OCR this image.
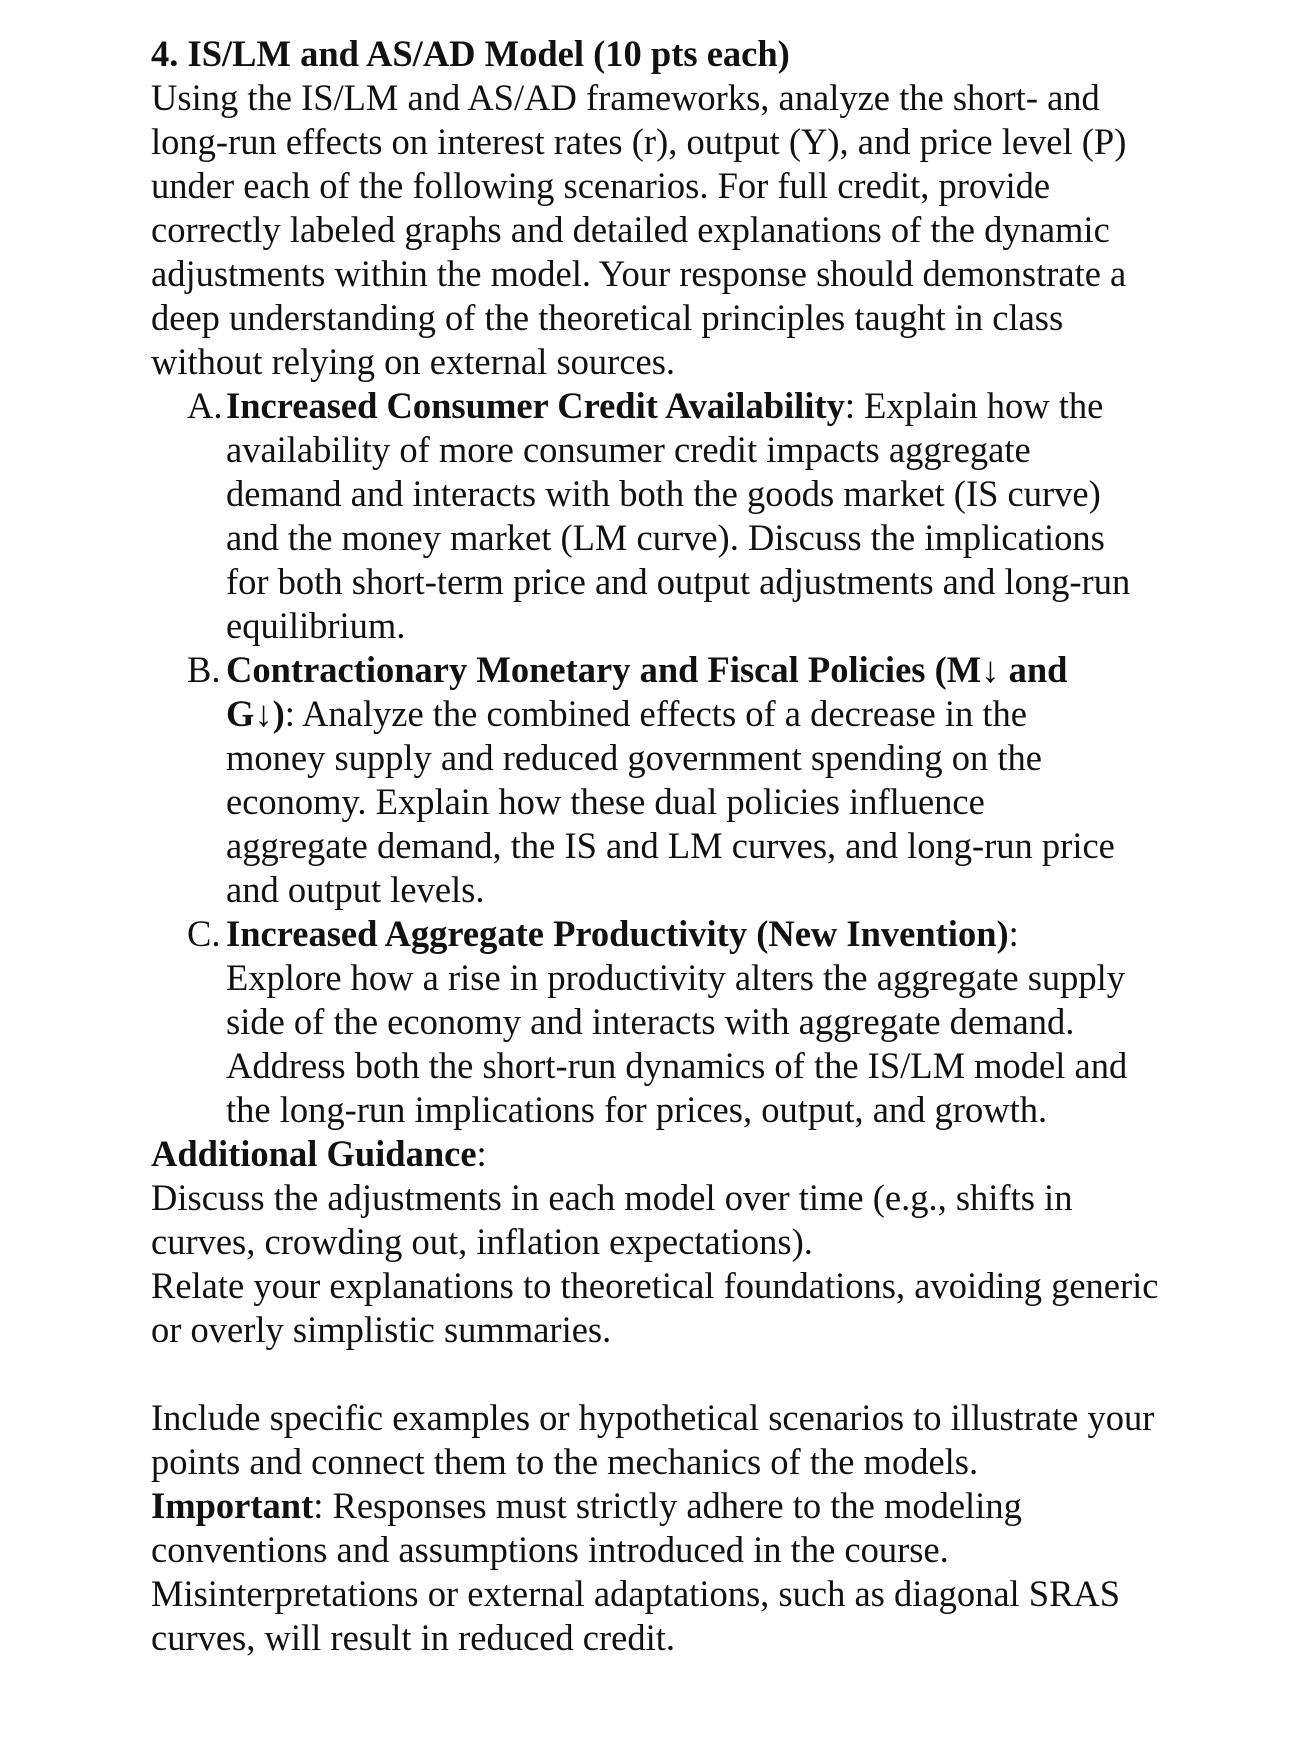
4. IS/LM and AS/AD Model (10 pts each)

Using the IS/LM and AS/AD frameworks, analyze the short- and long-run effects on interest rates (r), output (Y), and price level (P) under each of the following scenarios. For full credit, provide correctly labeled graphs and detailed explanations of the dynamic adjustments within the model. Your response should demonstrate a deep understanding of the theoretical principles taught in class without relying on external sources.

A. Increased Consumer Credit Availability: Explain how the availability of more consumer credit impacts aggregate demand and interacts with both the goods market (IS curve) and the money market (LM curve). Discuss the implications for both short-term price and output adjustments and long-run equilibrium.
B. Contractionary Monetary and Fiscal Policies (M↓ and G↓): Analyze the combined effects of a decrease in the money supply and reduced government spending on the economy. Explain how these dual policies influence aggregate demand, the IS and LM curves, and long-run price and output levels.
C. Increased Aggregate Productivity (New Invention): Explore how a rise in productivity alters the aggregate supply side of the economy and interacts with aggregate demand. Address both the short-run dynamics of the IS/LM model and the long-run implications for prices, output, and growth.

Additional Guidance:

Discuss the adjustments in each model over time (e.g., shifts in curves, crowding out, inflation expectations).

Relate your explanations to theoretical foundations, avoiding generic or overly simplistic summaries.

Include specific examples or hypothetical scenarios to illustrate your points and connect them to the mechanics of the models.

Important: Responses must strictly adhere to the modeling conventions and assumptions introduced in the course. Misinterpretations or external adaptations, such as diagonal SRAS curves, will result in reduced credit.
